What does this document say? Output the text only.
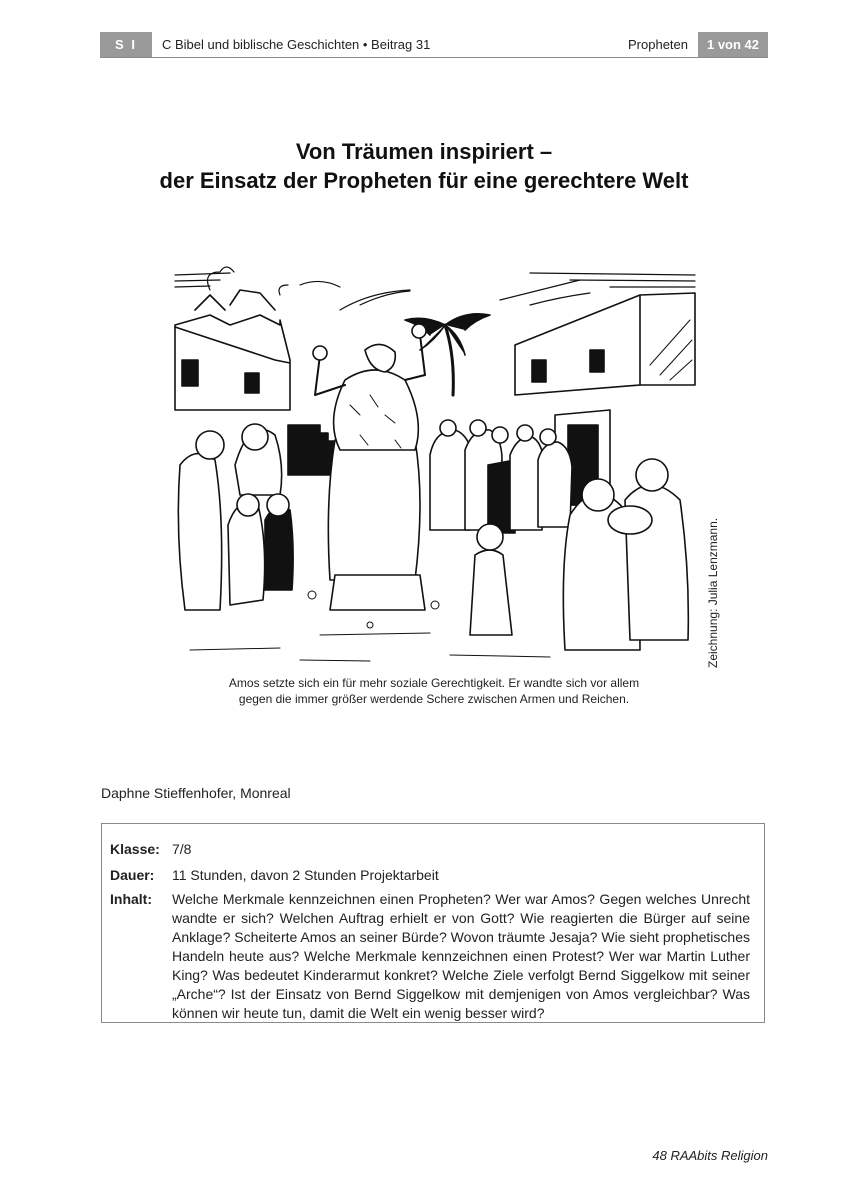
S I	C Bibel und biblische Geschichten • Beitrag 31	Propheten	1 von 42
Von Träumen inspiriert –
der Einsatz der Propheten für eine gerechtere Welt
Zeichnung: Julia Lenzmann.
Amos setzte sich ein für mehr soziale Gerechtigkeit. Er wandte sich vor allem
gegen die immer größer werdende Schere zwischen Armen und Reichen.
Daphne Stieffenhofer, Monreal
Klasse: 7/8
Dauer: 11 Stunden, davon 2 Stunden Projektarbeit
Inhalt: Welche Merkmale kennzeichnen einen Propheten? Wer war Amos? Gegen welches Unrecht wandte er sich? Welchen Auftrag erhielt er von Gott? Wie reagierten die Bürger auf seine Anklage? Scheiterte Amos an seiner Bürde? Wovon träumte Jesaja? Wie sieht prophetisches Handeln heute aus? Welche Merkmale kennzeichnen einen Protest? Wer war Martin Luther King? Was bedeutet Kinderarmut konkret? Welche Ziele verfolgt Bernd Siggelkow mit seiner „Arche“? Ist der Einsatz von Bernd Siggelkow mit demjenigen von Amos vergleichbar? Was können wir heute tun, damit die Welt ein wenig besser wird?
48 RAAbits Religion
